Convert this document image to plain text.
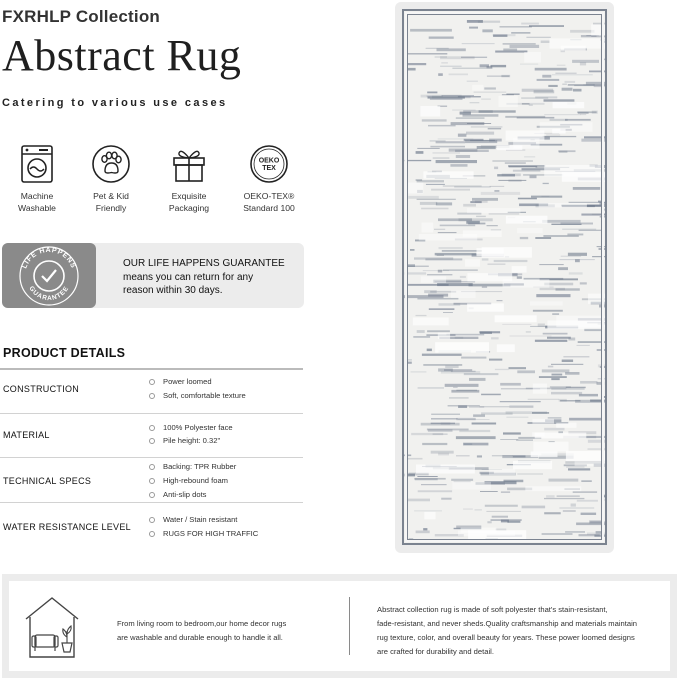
FXRHLP Collection
Abstract Rug
Catering to various use cases
Machine
Washable
Pet & Kid
Friendly
Exquisite
Packaging
OEKO
TEX
OEKO-TEX®
Standard 100
LIFE HAPPENS
GUARANTEE
OUR LIFE HAPPENS GUARANTEE
means you can return for any
reason within 30 days.
PRODUCT DETAILS
CONSTRUCTION
Power loomed
Soft, comfortable texture
MATERIAL
100% Polyester face
Pile height: 0.32"
TECHNICAL SPECS
Backing: TPR Rubber
High-rebound foam
Anti-slip dots
WATER RESISTANCE LEVEL
Water / Stain resistant
RUGS FOR HIGH TRAFFIC
From living room to bedroom,our home decor rugs
are washable and durable enough to handle it all.
Abstract collection rug is made of soft polyester that's stain-resistant,
fade-resistant, and never sheds.Quality craftsmanship and materials maintain
rug texture, color, and overall beauty for years. These power loomed designs
are crafted for durability and detail.
